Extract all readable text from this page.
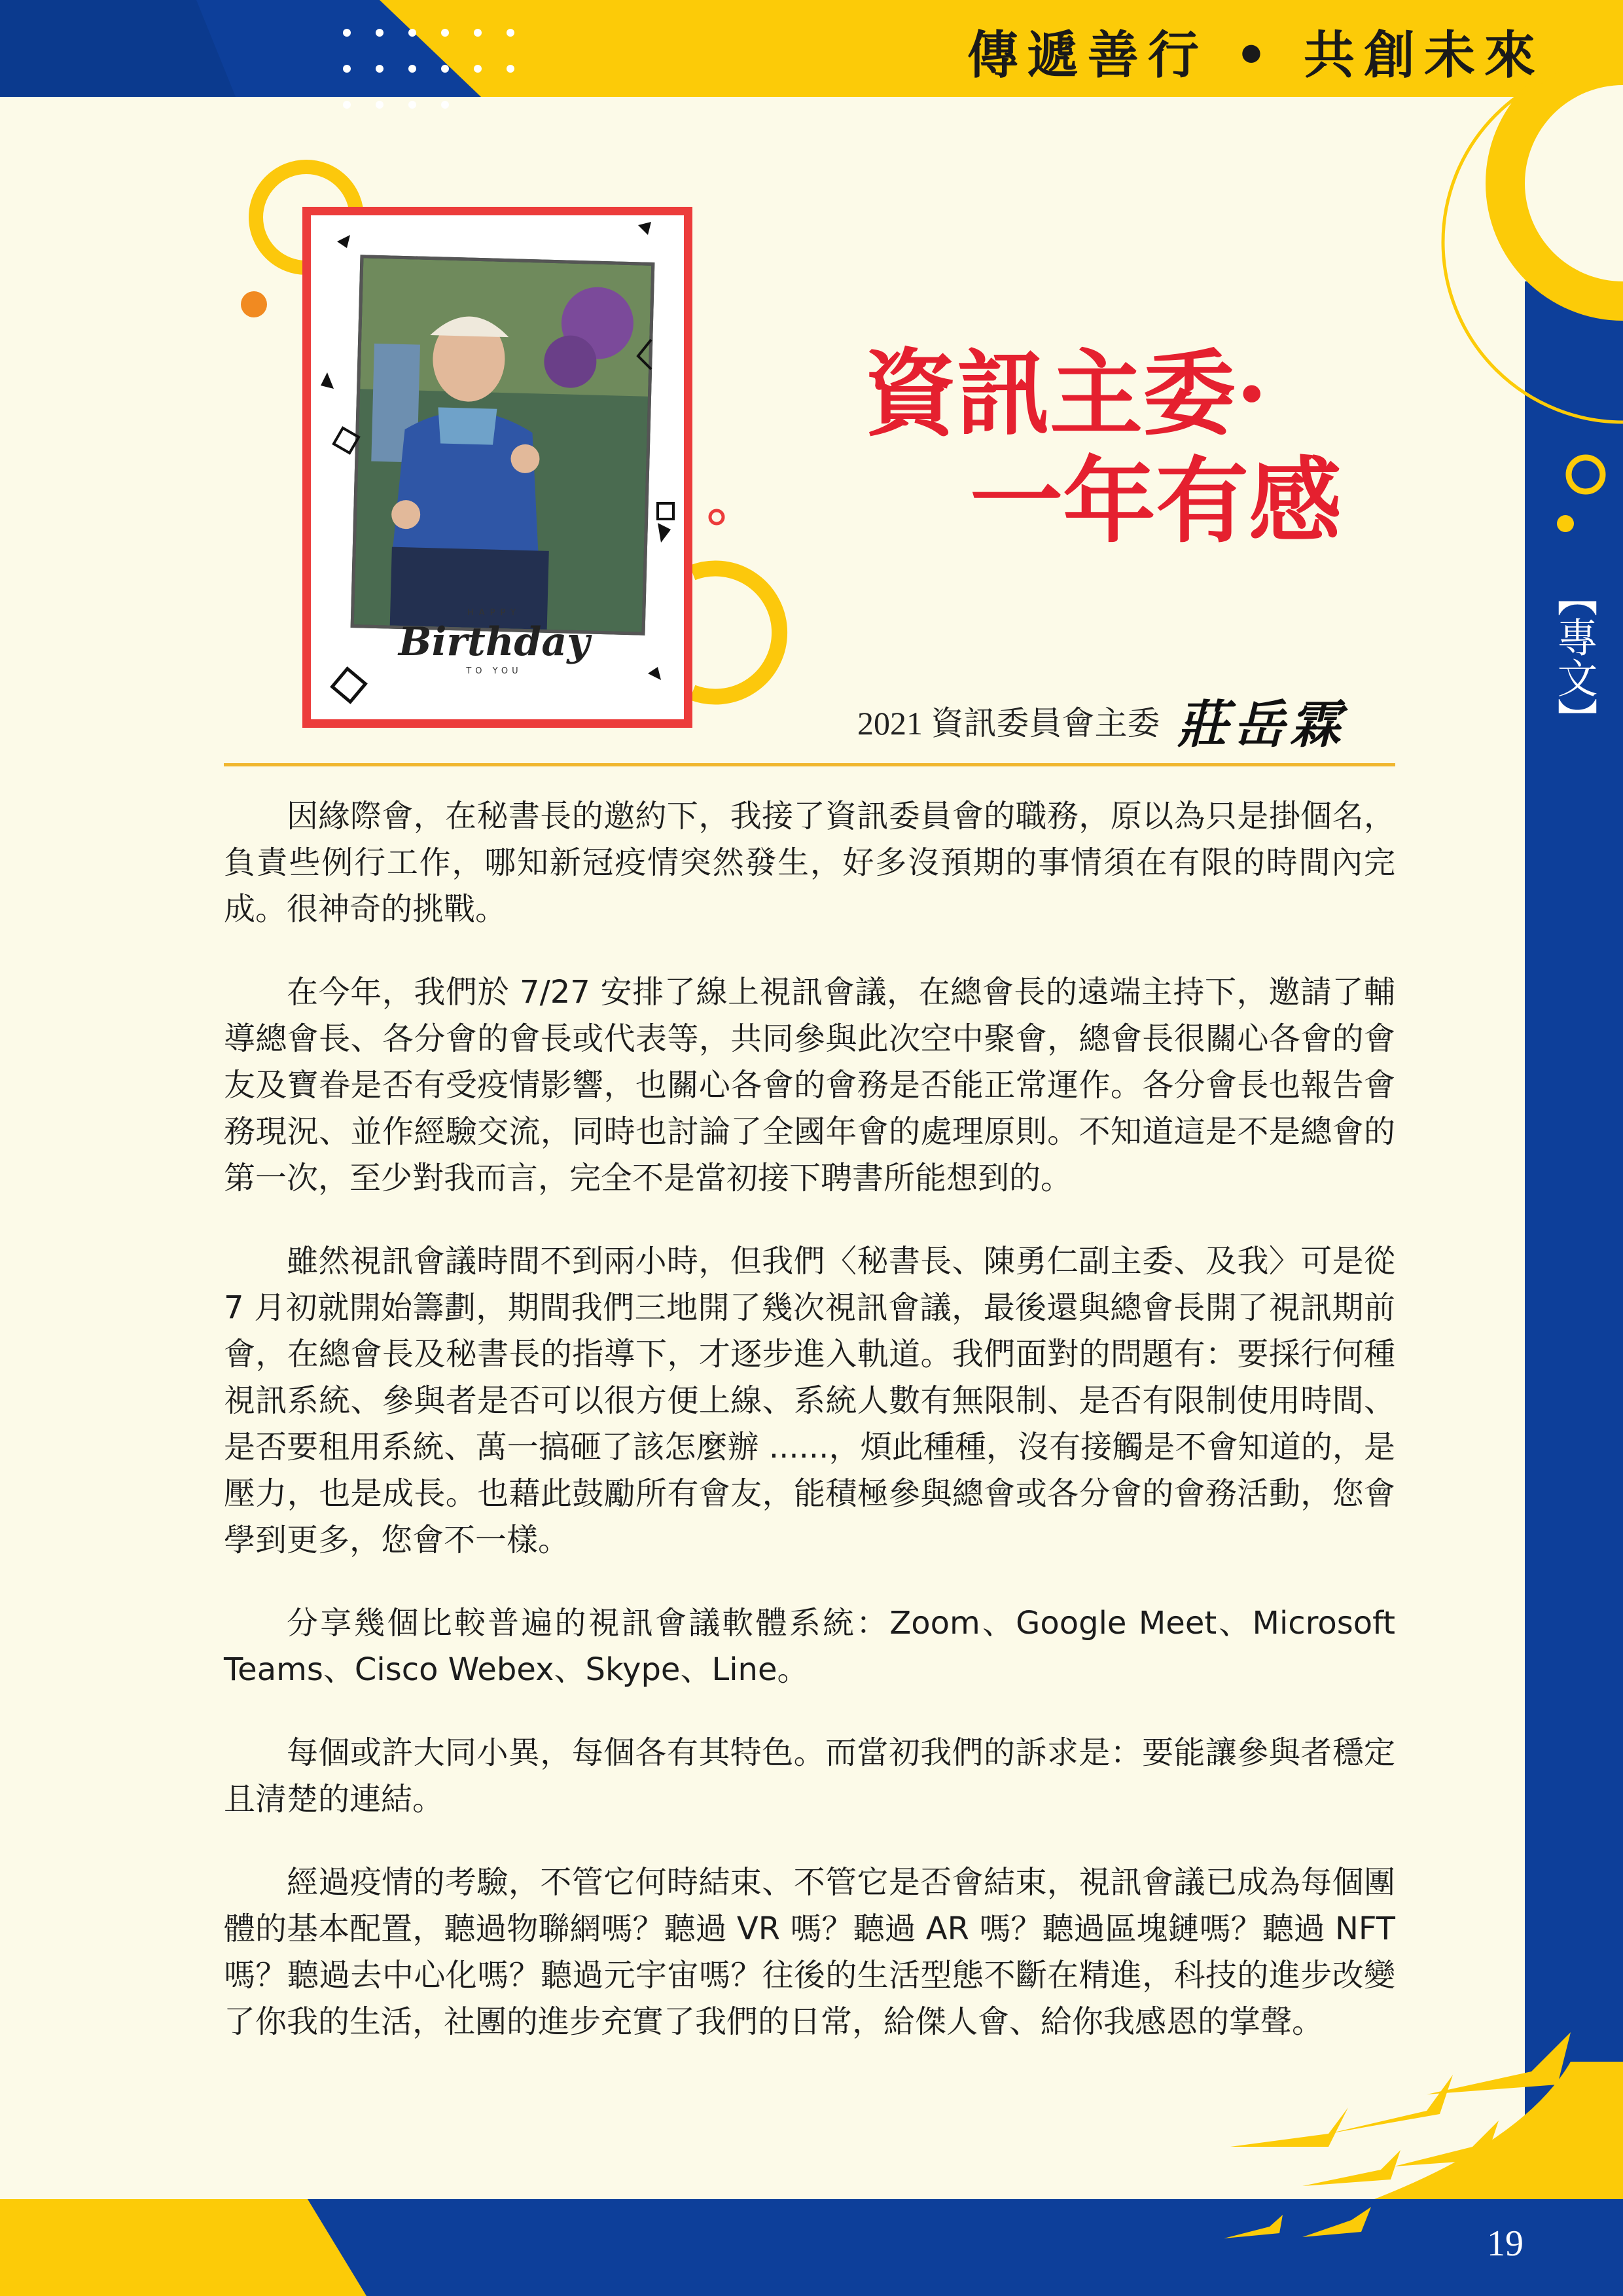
傳遞善行 • 共創未來
HAPPY
Birthday
TO YOU
資訊主委·
一年有感
2021 資訊委員會主委 莊岳霖

因緣際會，在秘書長的邀約下，我接了資訊委員會的職務，原以為只是掛個名，負責些例行工作，哪知新冠疫情突然發生，好多沒預期的事情須在有限的時間內完成。很神奇的挑戰。

在今年，我們於 7/27 安排了線上視訊會議，在總會長的遠端主持下，邀請了輔導總會長、各分會的會長或代表等，共同參與此次空中聚會，總會長很關心各會的會友及寶眷是否有受疫情影響，也關心各會的會務是否能正常運作。各分會長也報告會務現況、並作經驗交流，同時也討論了全國年會的處理原則。不知道這是不是總會的第一次，至少對我而言，完全不是當初接下聘書所能想到的。

雖然視訊會議時間不到兩小時，但我們〈秘書長、陳勇仁副主委、及我〉可是從 7 月初就開始籌劃，期間我們三地開了幾次視訊會議，最後還與總會長開了視訊期前會，在總會長及秘書長的指導下，才逐步進入軌道。我們面對的問題有：要採行何種視訊系統、參與者是否可以很方便上線、系統人數有無限制、是否有限制使用時間、是否要租用系統、萬一搞砸了該怎麼辦 ......，煩此種種，沒有接觸是不會知道的，是壓力，也是成長。也藉此鼓勵所有會友，能積極參與總會或各分會的會務活動，您會學到更多，您會不一樣。

分享幾個比較普遍的視訊會議軟體系統：Zoom、Google Meet、Microsoft Teams、Cisco Webex、Skype、Line。

每個或許大同小異，每個各有其特色。而當初我們的訴求是：要能讓參與者穩定且清楚的連結。

經過疫情的考驗，不管它何時結束、不管它是否會結束，視訊會議已成為每個團體的基本配置，聽過物聯網嗎？聽過 VR 嗎？聽過 AR 嗎？聽過區塊鏈嗎？聽過 NFT 嗎？聽過去中心化嗎？聽過元宇宙嗎？往後的生活型態不斷在精進，科技的進步改變了你我的生活，社團的進步充實了我們的日常，給傑人會、給你我感恩的掌聲。

【專文】
19
